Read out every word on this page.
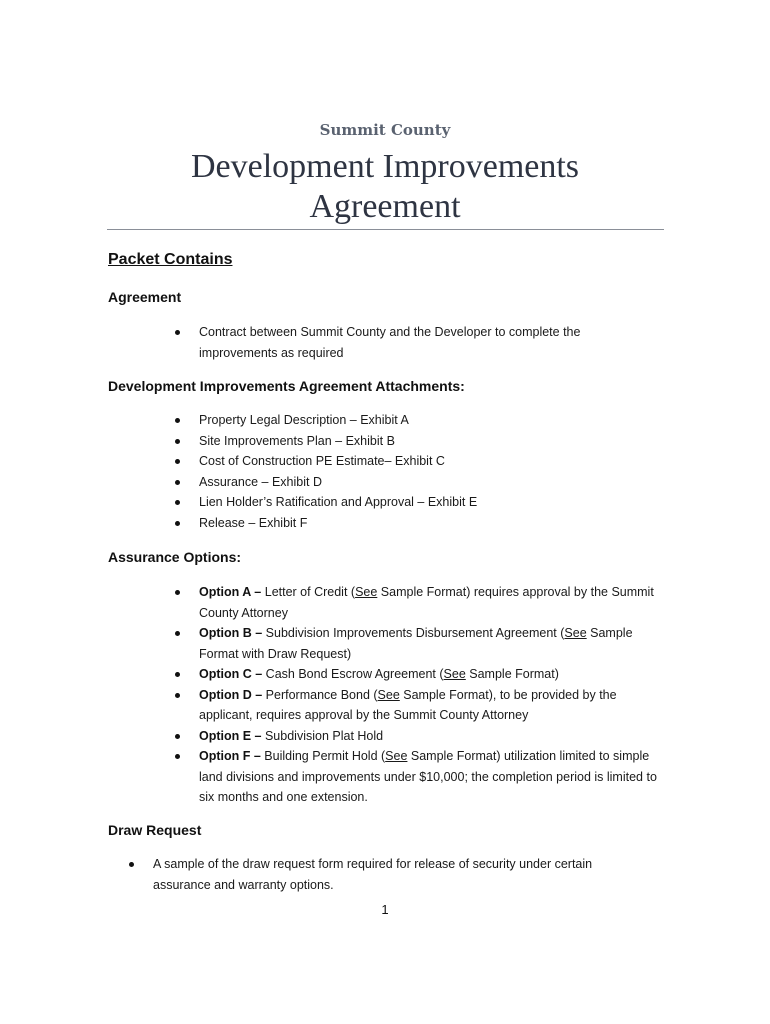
Summit County
Development Improvements
Agreement
Packet Contains
Agreement
Contract between Summit County and the Developer to complete the improvements as required
Development Improvements Agreement Attachments:
Property Legal Description – Exhibit A
Site Improvements Plan – Exhibit B
Cost of Construction PE Estimate– Exhibit C
Assurance – Exhibit D
Lien Holder’s Ratification and Approval – Exhibit E
Release – Exhibit F
Assurance Options:
Option A – Letter of Credit (See Sample Format) requires approval by the Summit County Attorney
Option B – Subdivision Improvements Disbursement Agreement (See Sample Format with Draw Request)
Option C – Cash Bond Escrow Agreement (See Sample Format)
Option D – Performance Bond (See Sample Format), to be provided by the applicant, requires approval by the Summit County Attorney
Option E – Subdivision Plat Hold
Option F – Building Permit Hold (See Sample Format) utilization limited to simple land divisions and improvements under $10,000; the completion period is limited to six months and one extension.
Draw Request
A sample of the draw request form required for release of security under certain assurance and warranty options.
1
